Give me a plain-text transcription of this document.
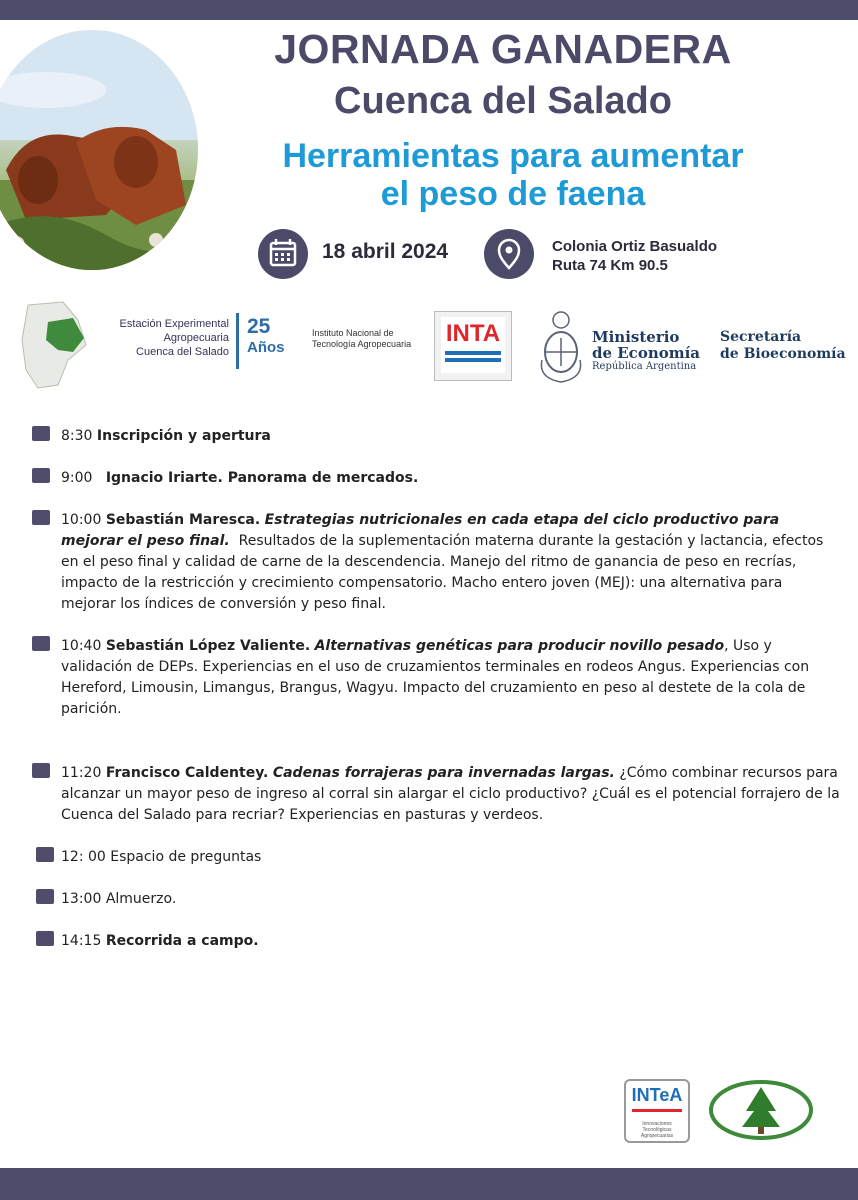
JORNADA GANADERA
Cuenca del Salado
Herramientas para aumentar
el peso de faena
18 abril 2024	Colonia Ortiz Basualdo
Ruta 74 Km 90.5
Estación Experimental
Agropecuaria
Cuenca del Salado
25
Años
Instituto Nacional de
Tecnología Agropecuaria INTA	Ministerio
de Economía
República Argentina
Secretaría
de Bioeconomía
8:30 Inscripción y apertura
9:00 Ignacio Iriarte. Panorama de mercados.
10:00 Sebastián Maresca. Estrategias nutricionales en cada etapa del ciclo productivo para mejorar el peso final. Resultados de la suplementación materna durante la gestación y lactancia, efectos en el peso final y calidad de carne de la descendencia. Manejo del ritmo de ganancia de peso en recrías, impacto de la restricción y crecimiento compensatorio. Macho entero joven (MEJ): una alternativa para mejorar los índices de conversión y peso final.
10:40 Sebastián López Valiente. Alternativas genéticas para producir novillo pesado, Uso y validación de DEPs. Experiencias en el uso de cruzamientos terminales en rodeos Angus. Experiencias con Hereford, Limousin, Limangus, Brangus, Wagyu. Impacto del cruzamiento en peso al destete de la cola de parición.
11:20 Francisco Caldentey. Cadenas forrajeras para invernadas largas. ¿Cómo combinar recursos para alcanzar un mayor peso de ingreso al corral sin alargar el ciclo productivo? ¿Cuál es el potencial forrajero de la Cuenca del Salado para recriar? Experiencias en pasturas y verdeos.
12: 00 Espacio de preguntas
13:00 Almuerzo.
14:15 Recorrida a campo.
INTeA
Innovaciones Tecnológicas Agropecuarias
